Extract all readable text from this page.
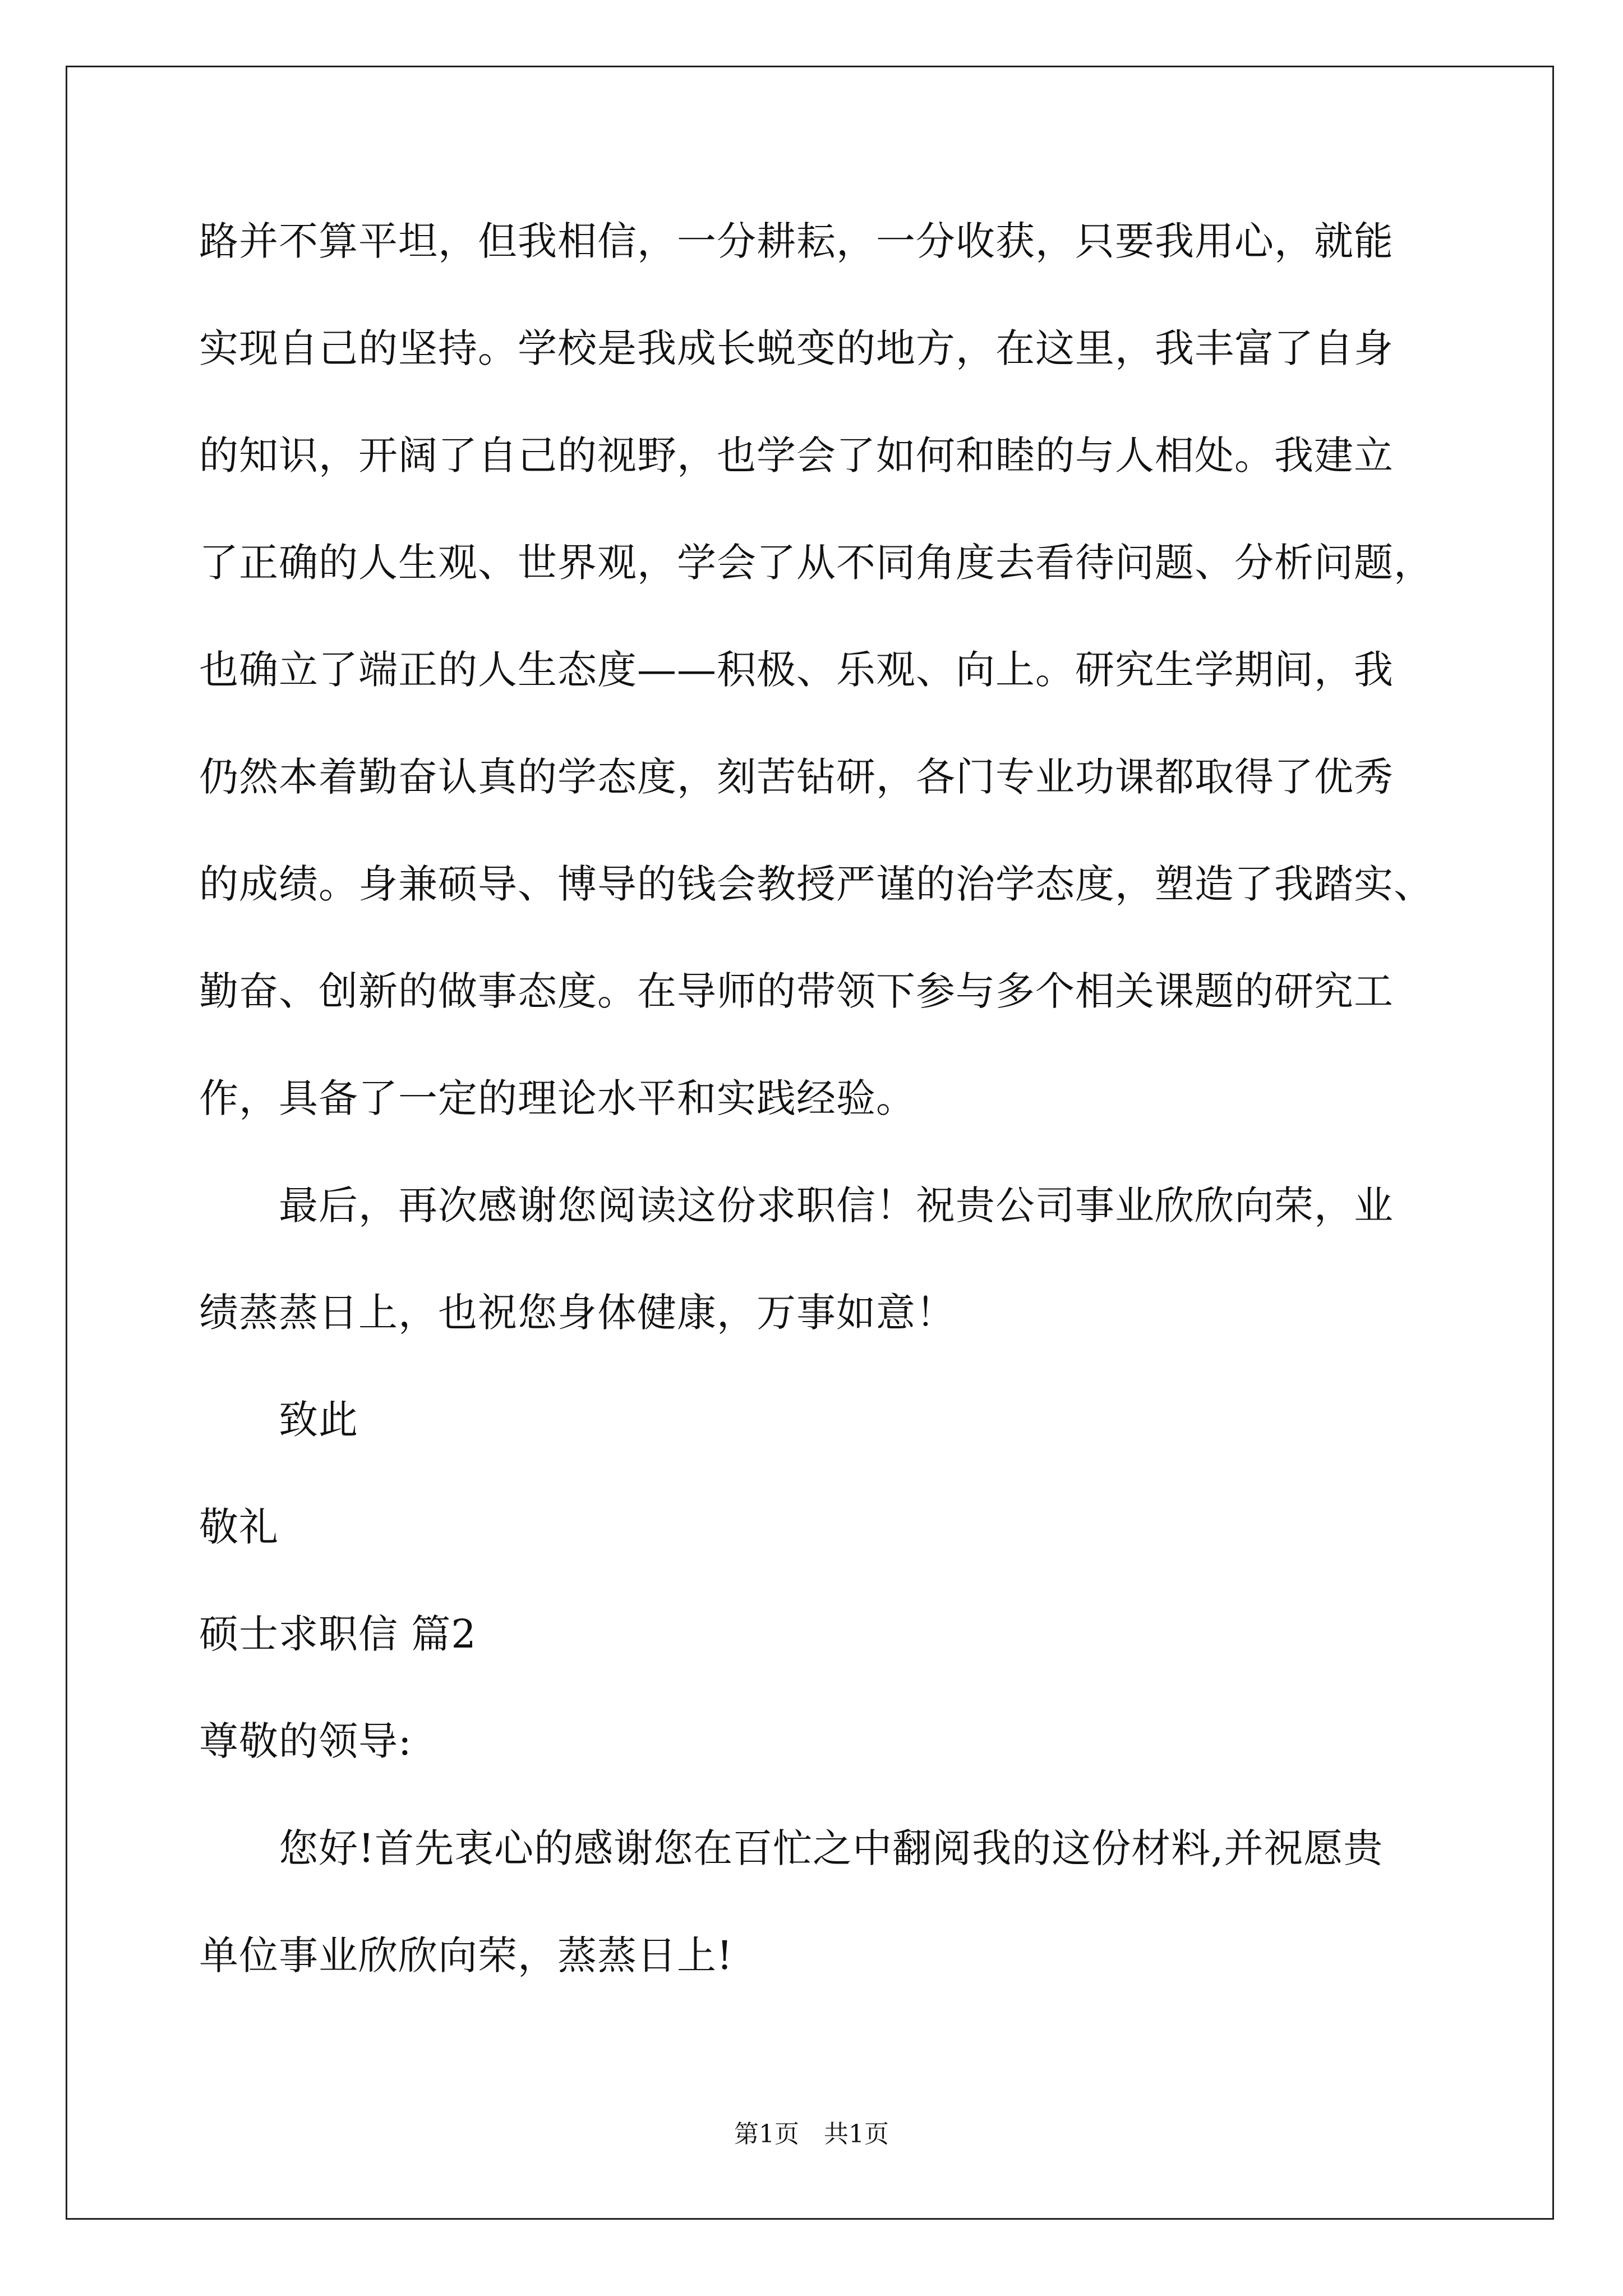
路并不算平坦，但我相信，一分耕耘，一分收获，只要我用心，就能
实现自己的坚持。学校是我成长蜕变的地方，在这里，我丰富了自身
的知识，开阔了自己的视野，也学会了如何和睦的与人相处。我建立
了正确的人生观、世界观，学会了从不同角度去看待问题、分析问题，
也确立了端正的人生态度——积极、乐观、向上。研究生学期间，我
仍然本着勤奋认真的学态度，刻苦钻研，各门专业功课都取得了优秀
的成绩。身兼硕导、博导的钱会教授严谨的治学态度，塑造了我踏实、
勤奋、创新的做事态度。在导师的带领下参与多个相关课题的研究工
作，具备了一定的理论水平和实践经验。
最后，再次感谢您阅读这份求职信！祝贵公司事业欣欣向荣，业
绩蒸蒸日上，也祝您身体健康，万事如意！
致此
敬礼
硕士求职信 篇2
尊敬的领导:
您好!首先衷心的感谢您在百忙之中翻阅我的这份材料,并祝愿贵
单位事业欣欣向荣，蒸蒸日上!
第1页　共1页
